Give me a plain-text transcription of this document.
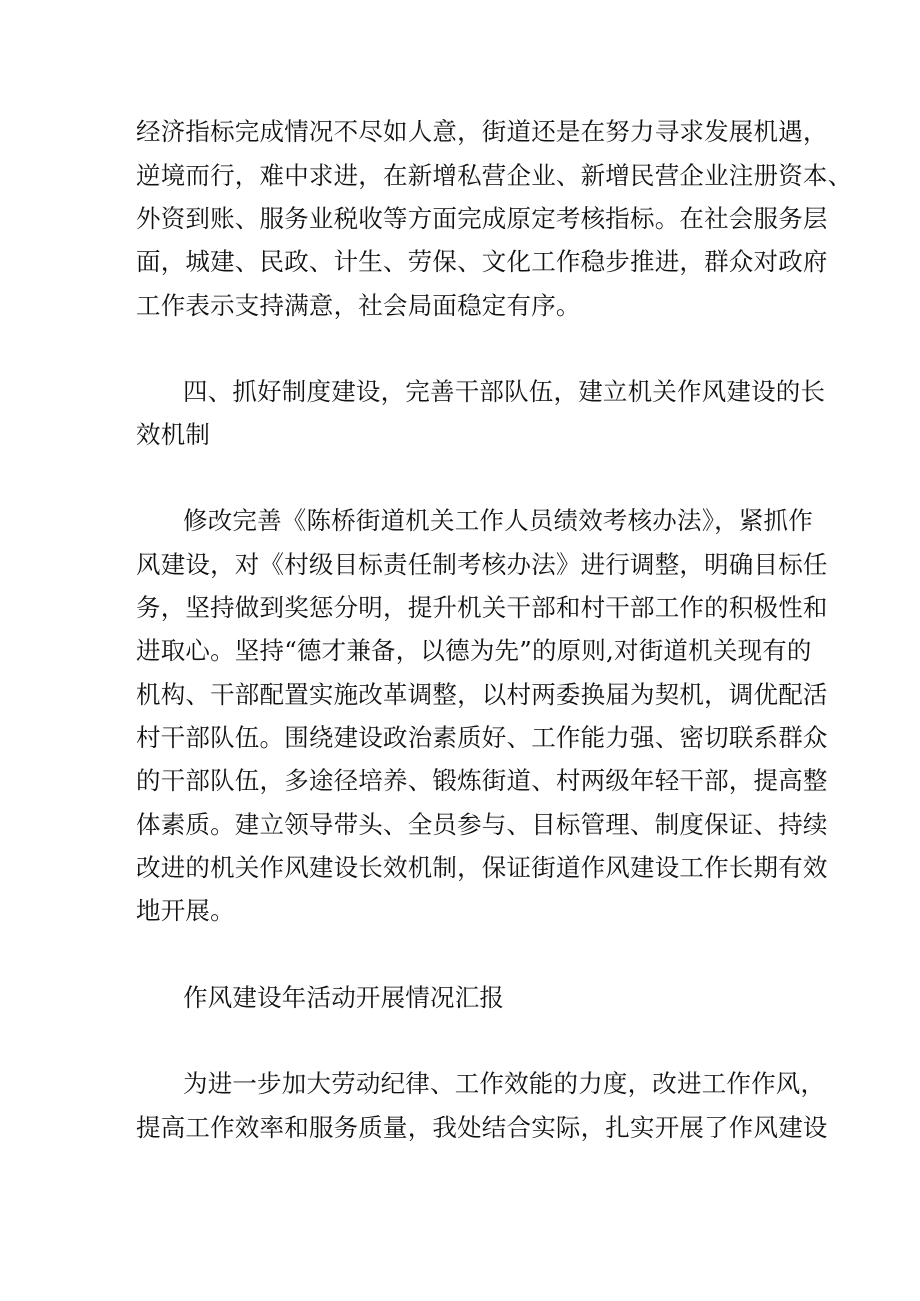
经济指标完成情况不尽如人意，街道还是在努力寻求发展机遇，

逆境而行，难中求进，在新增私营企业、新增民营企业注册资本、

外资到账、服务业税收等方面完成原定考核指标。在社会服务层

面，城建、民政、计生、劳保、文化工作稳步推进，群众对政府

工作表示支持满意，社会局面稳定有序。

四、抓好制度建设，完善干部队伍，建立机关作风建设的长

效机制

修改完善《陈桥街道机关工作人员绩效考核办法》，紧抓作

风建设，对《村级目标责任制考核办法》进行调整，明确目标任

务，坚持做到奖惩分明，提升机关干部和村干部工作的积极性和

进取心。坚持“德才兼备，以德为先”的原则,对街道机关现有的

机构、干部配置实施改革调整，以村两委换届为契机，调优配活

村干部队伍。围绕建设政治素质好、工作能力强、密切联系群众

的干部队伍，多途径培养、锻炼街道、村两级年轻干部，提高整

体素质。建立领导带头、全员参与、目标管理、制度保证、持续

改进的机关作风建设长效机制，保证街道作风建设工作长期有效

地开展。

作风建设年活动开展情况汇报

为进一步加大劳动纪律、工作效能的力度，改进工作作风，

提高工作效率和服务质量，我处结合实际，扎实开展了作风建设
